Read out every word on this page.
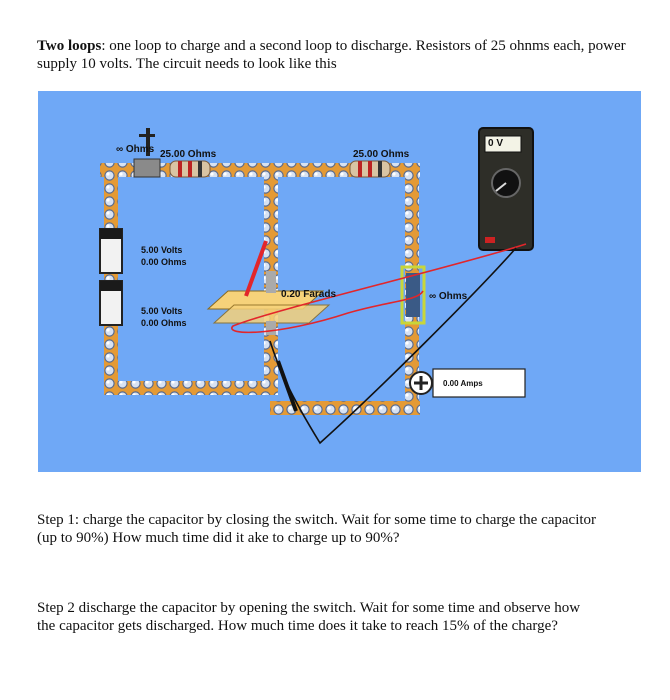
Two loops: one loop to charge and a second loop to discharge. Resistors of 25 ohnms each, power supply 10 volts. The circuit needs to look like this
∞ Ohms 25.00 Ohms	25.00 Ohms
5.00 Volts
0.00 Ohms
5.00 Volts
0.00 Ohms
0.20 Farads	∞ Ohms
0 V
0.00 Amps
Step 1: charge the capacitor by closing the switch. Wait for some time to charge the capacitor (up to 90%) How much time did it ake to charge up to 90%?
Step 2 discharge the capacitor by opening the switch. Wait for some time and observe how the capacitor gets discharged. How much time does it take to reach 15% of the charge?
